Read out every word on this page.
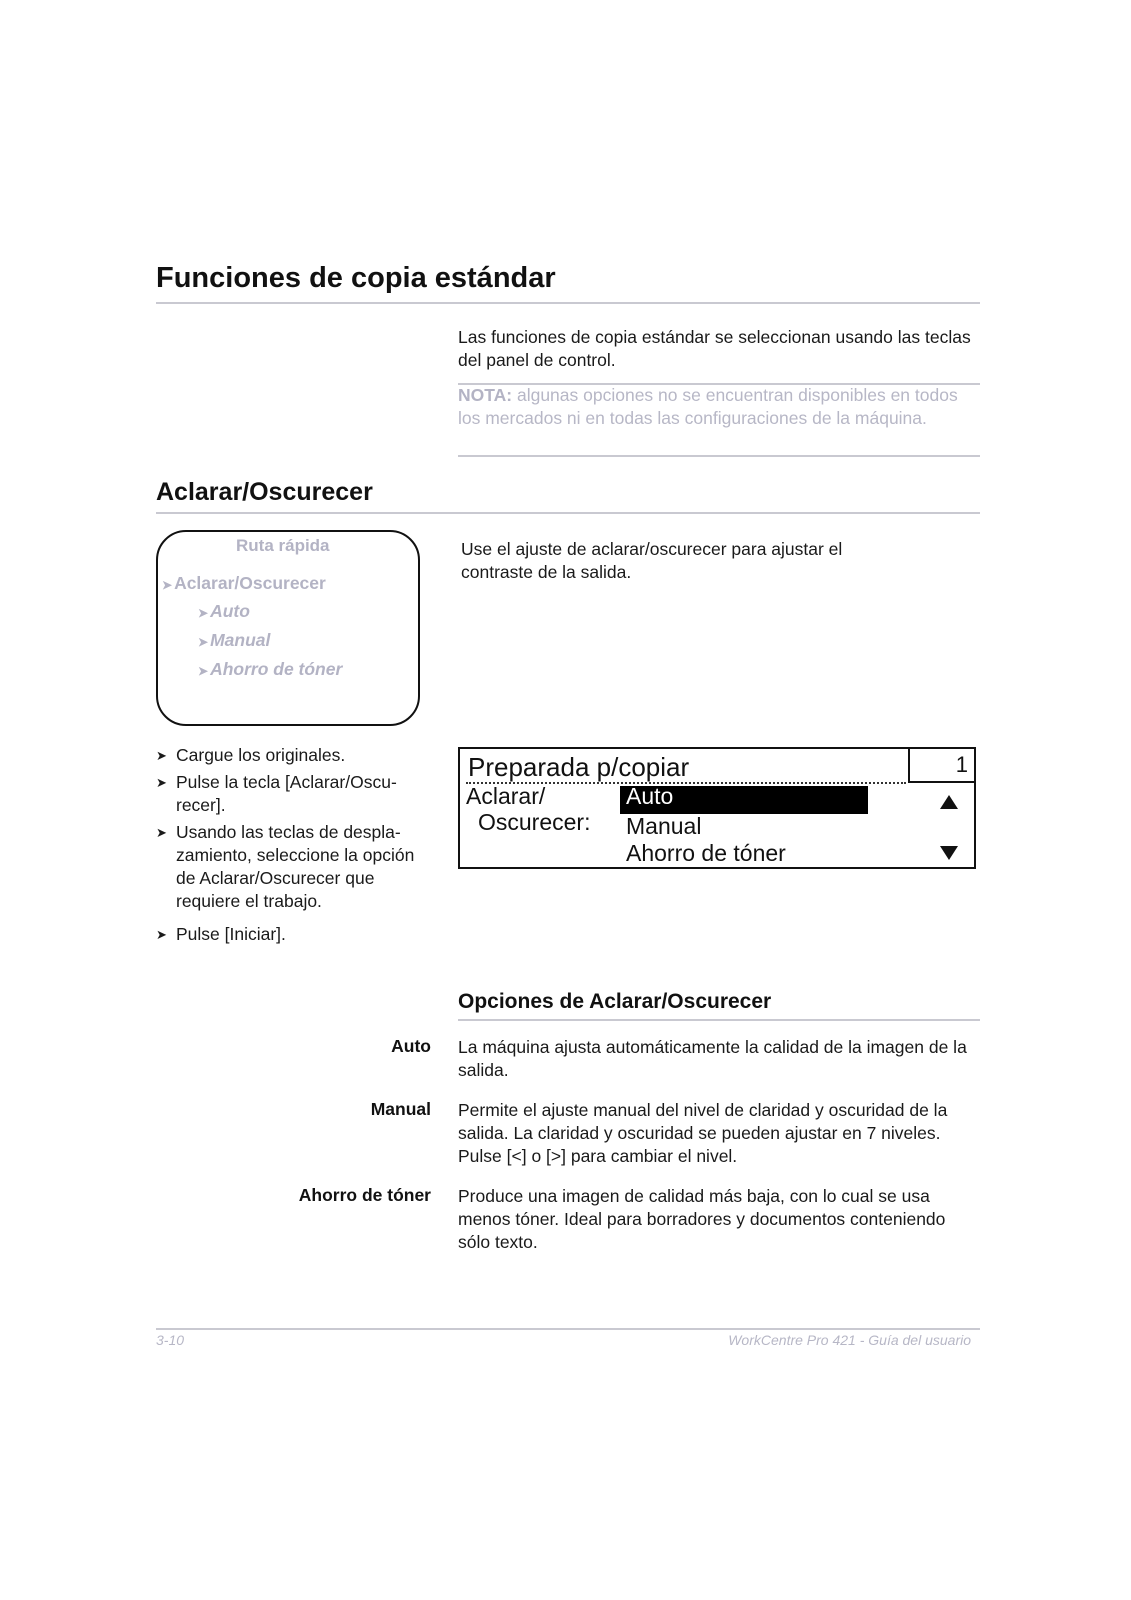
Funciones de copia estándar
Las funciones de copia estándar se seleccionan usando las teclas del panel de control.
NOTA: algunas opciones no se encuentran disponibles en todos los mercados ni en todas las configuraciones de la máquina.
Aclarar/Oscurecer
Ruta rápida
➤ Aclarar/Oscurecer
➤ Auto
➤ Manual
➤ Ahorro de tóner
Use el ajuste de aclarar/oscurecer para ajustar el contraste de la salida.
➤ Cargue los originales.
➤ Pulse la tecla [Aclarar/Oscu-recer].
➤ Usando las teclas de despla-zamiento, seleccione la opción de Aclarar/Oscurecer que requiere el trabajo.
➤ Pulse [Iniciar].
Preparada p/copiar	1
Aclarar/
Oscurecer:
Auto
Manual
Ahorro de tóner
Opciones de Aclarar/Oscurecer
Auto La máquina ajusta automáticamente la calidad de la imagen de la salida.
Manual Permite el ajuste manual del nivel de claridad y oscuridad de la salida. La claridad y oscuridad se pueden ajustar en 7 niveles. Pulse [<] o [>] para cambiar el nivel.
Ahorro de tóner Produce una imagen de calidad más baja, con lo cual se usa menos tóner. Ideal para borradores y documentos conteniendo sólo texto.
3-10	WorkCentre Pro 421 - Guía del usuario
